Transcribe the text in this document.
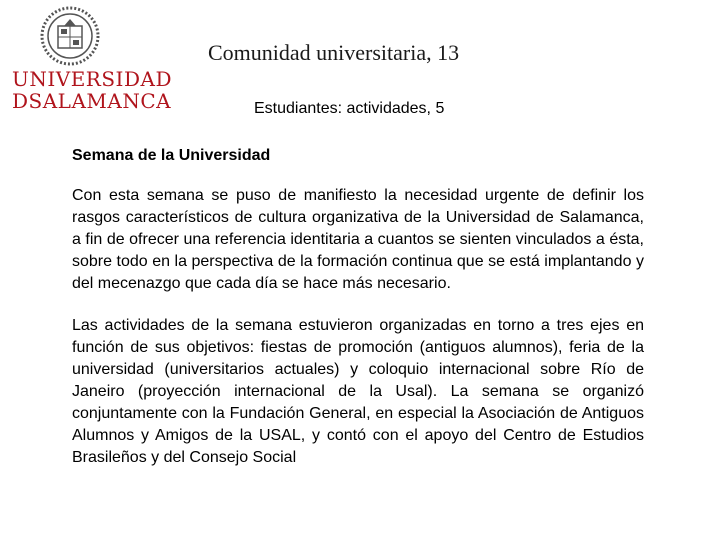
UNIVERSIDAD
DSALAMANCA
Comunidad universitaria, 13
Estudiantes: actividades, 5

Semana de la Universidad

Con esta semana se puso de manifiesto la necesidad urgente de definir los rasgos característicos de cultura organizativa de la Universidad de Salamanca, a fin de ofrecer una referencia identitaria a cuantos se sienten vinculados a ésta, sobre todo en la perspectiva de la formación continua que se está implantando y del mecenazgo que cada día se hace más necesario.

Las actividades de la semana estuvieron organizadas en torno a tres ejes en función de sus objetivos: fiestas de promoción (antiguos alumnos), feria de la universidad (universitarios actuales) y coloquio internacional sobre Río de Janeiro (proyección internacional de la Usal). La semana se organizó conjuntamente con la Fundación General, en especial la Asociación de Antiguos Alumnos y Amigos de la USAL, y contó con el apoyo del Centro de Estudios Brasileños y del Consejo Social
